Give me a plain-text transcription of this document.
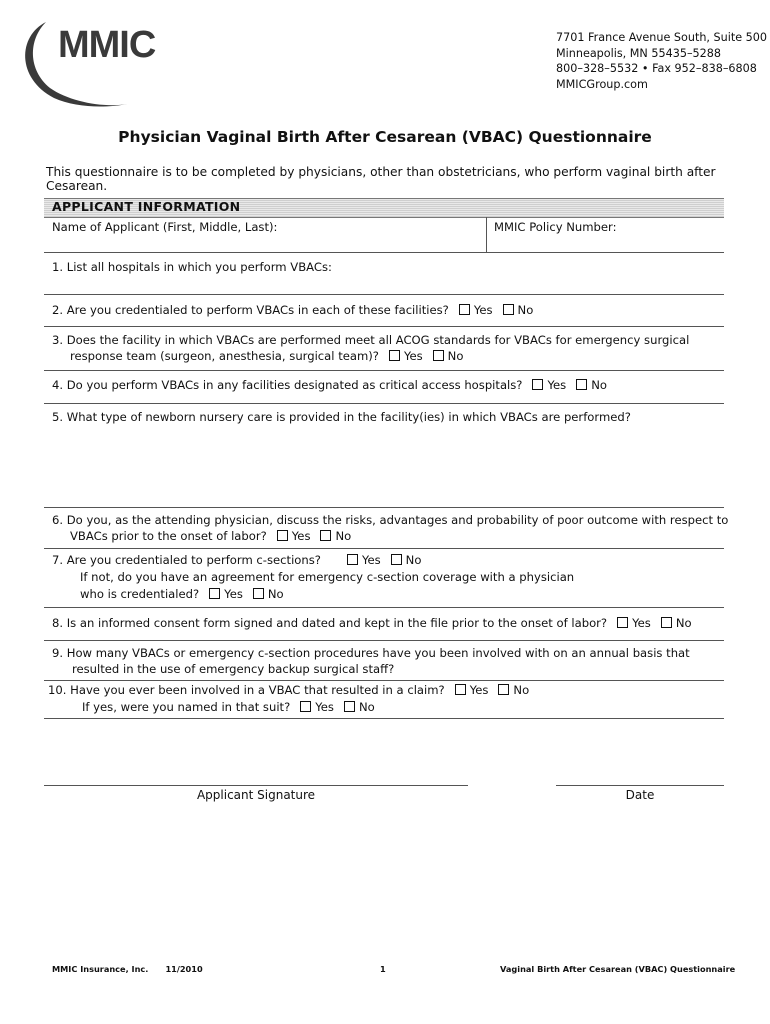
MMIC	7701 France Avenue South, Suite 500
Minneapolis, MN 55435–5288
800–328–5532 • Fax 952–838–6808
MMICGroup.com
Physician Vaginal Birth After Cesarean (VBAC) Questionnaire
This questionnaire is to be completed by physicians, other than obstetricians, who perform vaginal birth after Cesarean.
APPLICANT INFORMATION
Name of Applicant (First, Middle, Last):	MMIC Policy Number:
1. List all hospitals in which you perform VBACs:
2. Are you credentialed to perform VBACs in each of these facilities? Yes No
3. Does the facility in which VBACs are performed meet all ACOG standards for VBACs for emergency surgical
response team (surgeon, anesthesia, surgical team)? Yes No
4. Do you perform VBACs in any facilities designated as critical access hospitals? Yes No
5. What type of newborn nursery care is provided in the facility(ies) in which VBACs are performed?
6. Do you, as the attending physician, discuss the risks, advantages and probability of poor outcome with respect to
VBACs prior to the onset of labor? Yes No
7. Are you credentialed to perform c-sections?	Yes No
If not, do you have an agreement for emergency c-section coverage with a physician
who is credentialed? Yes No
8. Is an informed consent form signed and dated and kept in the file prior to the onset of labor? Yes No
9. How many VBACs or emergency c-section procedures have you been involved with on an annual basis that
resulted in the use of emergency backup surgical staff?
10. Have you ever been involved in a VBAC that resulted in a claim? Yes No
If yes, were you named in that suit? Yes No
Applicant Signature	Date
MMIC Insurance, Inc.      11/2010	1	Vaginal Birth After Cesarean (VBAC) Questionnaire
